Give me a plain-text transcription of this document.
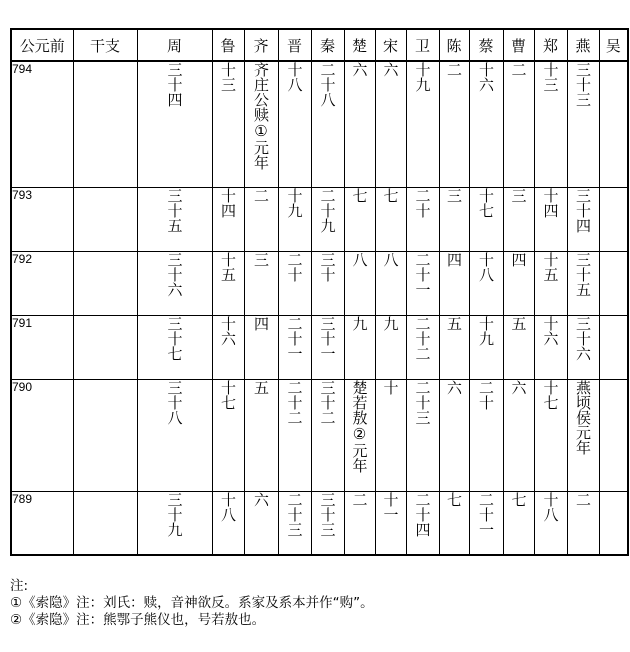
公元前	干支	周	鲁	齐	晋	秦	楚	宋	卫	陈	蔡	曹	郑	燕	吴
794		三十四	十三	齐庄公赎①元年	十八	二十八	六	六	十九	二	十六	二	十三	三十三	
793		三十五	十四	二	十九	二十九	七	七	二十	三	十七	三	十四	三十四	
792		三十六	十五	三	二十	三十	八	八	二十一	四	十八	四	十五	三十五	
791		三十七	十六	四	二十一	三十一	九	九	二十二	五	十九	五	十六	三十六	
790		三十八	十七	五	二十二	三十二	楚若敖②元年	十	二十三	六	二十	六	十七	燕顷侯元年	
789		三十九	十八	六	二十三	三十三	二	十一	二十四	七	二十一	七	十八	二	
注:
①《索隐》注：刘氏：赎，音神欲反。系家及系本并作“购”。
②《索隐》注：熊鄂子熊仪也，号若敖也。
